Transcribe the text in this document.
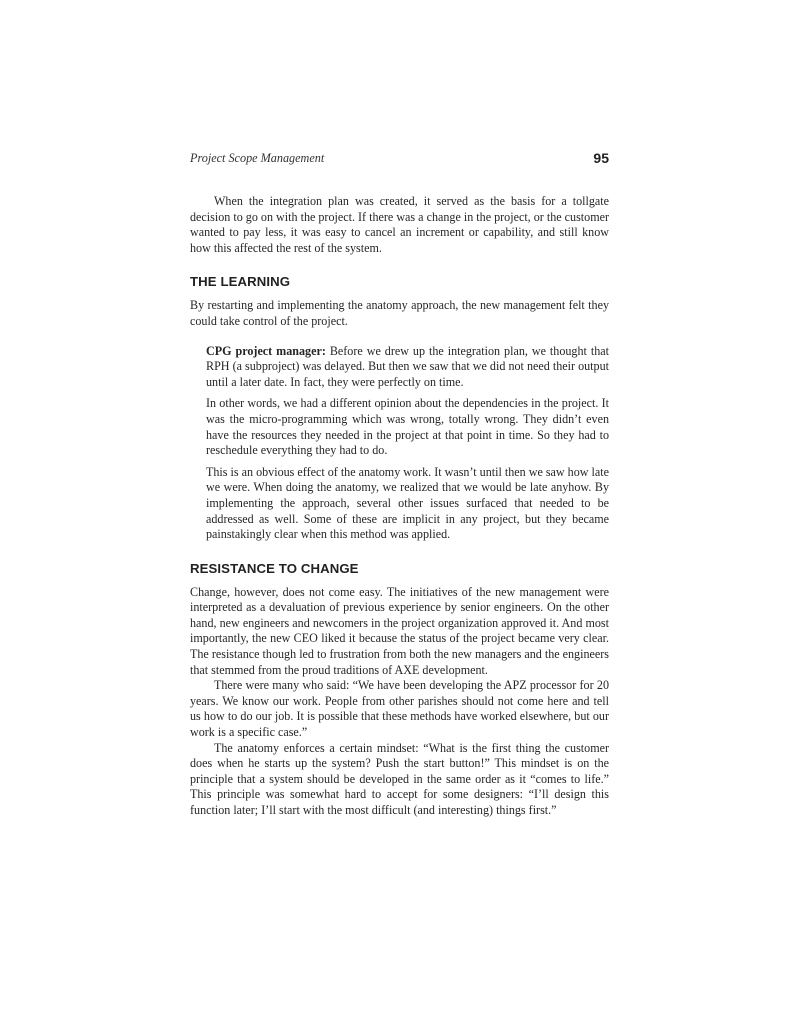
Project Scope Management	95

When the integration plan was created, it served as the basis for a tollgate decision to go on with the project. If there was a change in the project, or the customer wanted to pay less, it was easy to cancel an increment or capability, and still know how this affected the rest of the system.

THE LEARNING

By restarting and implementing the anatomy approach, the new management felt they could take control of the project.

CPG project manager: Before we drew up the integration plan, we thought that RPH (a subproject) was delayed. But then we saw that we did not need their output until a later date. In fact, they were perfectly on time.

In other words, we had a different opinion about the dependencies in the project. It was the micro-programming which was wrong, totally wrong. They didn’t even have the resources they needed in the project at that point in time. So they had to reschedule everything they had to do.

This is an obvious effect of the anatomy work. It wasn’t until then we saw how late we were. When doing the anatomy, we realized that we would be late anyhow. By implementing the approach, several other issues surfaced that needed to be addressed as well. Some of these are implicit in any project, but they became painstakingly clear when this method was applied.

RESISTANCE TO CHANGE

Change, however, does not come easy. The initiatives of the new management were interpreted as a devaluation of previous experience by senior engineers. On the other hand, new engineers and newcomers in the project organization approved it. And most importantly, the new CEO liked it because the status of the project became very clear. The resistance though led to frustration from both the new managers and the engineers that stemmed from the proud traditions of AXE development.

There were many who said: “We have been developing the APZ processor for 20 years. We know our work. People from other parishes should not come here and tell us how to do our job. It is possible that these methods have worked elsewhere, but our work is a specific case.”

The anatomy enforces a certain mindset: “What is the first thing the customer does when he starts up the system? Push the start button!” This mindset is on the principle that a system should be developed in the same order as it “comes to life.” This principle was somewhat hard to accept for some designers: “I’ll design this function later; I’ll start with the most difficult (and interesting) things first.”
